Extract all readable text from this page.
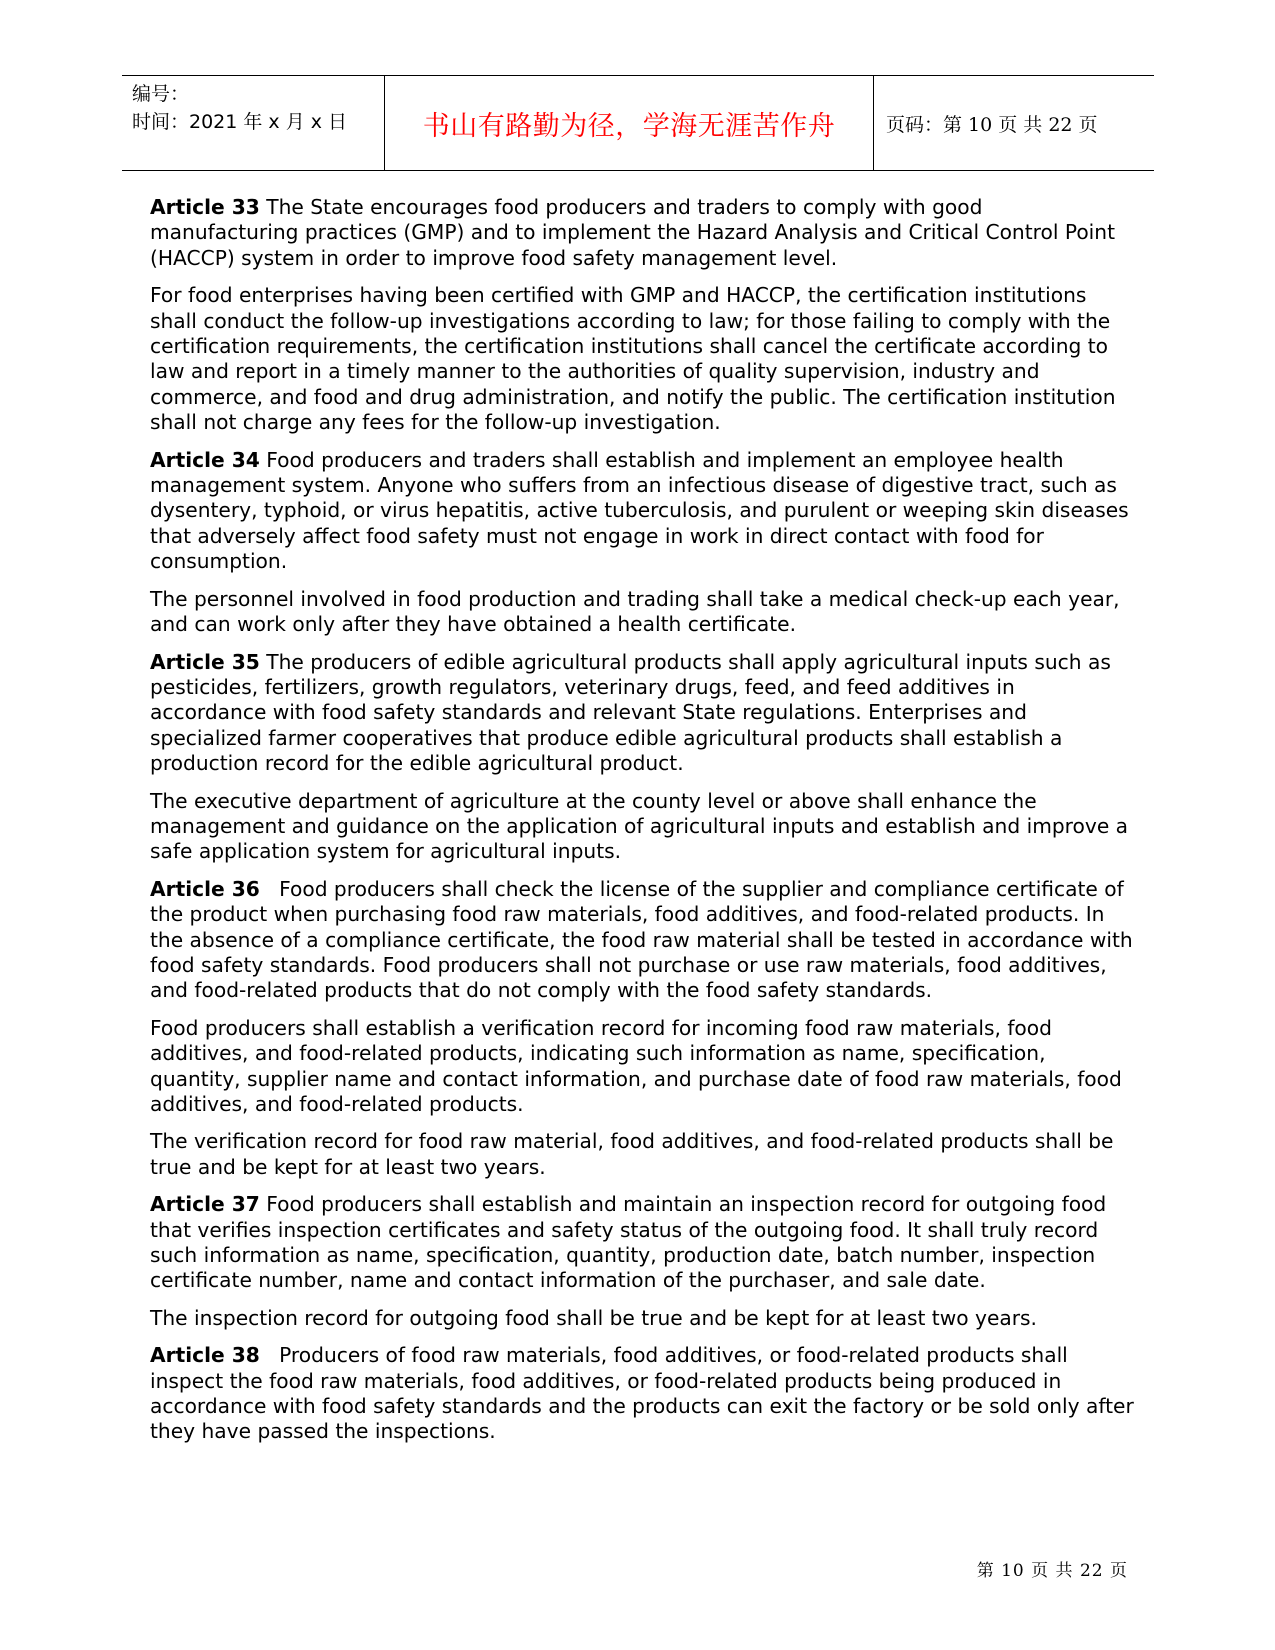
编号：
时间：2021 年 x 月 x 日	书山有路勤为径，学海无涯苦作舟	页码：第 10 页 共 22 页

Article 33 The State encourages food producers and traders to comply with good manufacturing practices (GMP) and to implement the Hazard Analysis and Critical Control Point (HACCP) system in order to improve food safety management level.

For food enterprises having been certified with GMP and HACCP, the certification institutions shall conduct the follow-up investigations according to law; for those failing to comply with the certification requirements, the certification institutions shall cancel the certificate according to law and report in a timely manner to the authorities of quality supervision, industry and commerce, and food and drug administration, and notify the public. The certification institution shall not charge any fees for the follow-up investigation.

Article 34 Food producers and traders shall establish and implement an employee health management system. Anyone who suffers from an infectious disease of digestive tract, such as dysentery, typhoid, or virus hepatitis, active tuberculosis, and purulent or weeping skin diseases that adversely affect food safety must not engage in work in direct contact with food for consumption.

The personnel involved in food production and trading shall take a medical check-up each year, and can work only after they have obtained a health certificate.

Article 35 The producers of edible agricultural products shall apply agricultural inputs such as pesticides, fertilizers, growth regulators, veterinary drugs, feed, and feed additives in accordance with food safety standards and relevant State regulations. Enterprises and specialized farmer cooperatives that produce edible agricultural products shall establish a production record for the edible agricultural product.

The executive department of agriculture at the county level or above shall enhance the management and guidance on the application of agricultural inputs and establish and improve a safe application system for agricultural inputs.

Article 36   Food producers shall check the license of the supplier and compliance certificate of the product when purchasing food raw materials, food additives, and food-related products. In the absence of a compliance certificate, the food raw material shall be tested in accordance with food safety standards. Food producers shall not purchase or use raw materials, food additives, and food-related products that do not comply with the food safety standards.

Food producers shall establish a verification record for incoming food raw materials, food additives, and food-related products, indicating such information as name, specification, quantity, supplier name and contact information, and purchase date of food raw materials, food additives, and food-related products.

The verification record for food raw material, food additives, and food-related products shall be true and be kept for at least two years.

Article 37 Food producers shall establish and maintain an inspection record for outgoing food that verifies inspection certificates and safety status of the outgoing food. It shall truly record such information as name, specification, quantity, production date, batch number, inspection certificate number, name and contact information of the purchaser, and sale date.

The inspection record for outgoing food shall be true and be kept for at least two years.

Article 38   Producers of food raw materials, food additives, or food-related products shall inspect the food raw materials, food additives, or food-related products being produced in accordance with food safety standards and the products can exit the factory or be sold only after they have passed the inspections.

第 10 页 共 22 页
